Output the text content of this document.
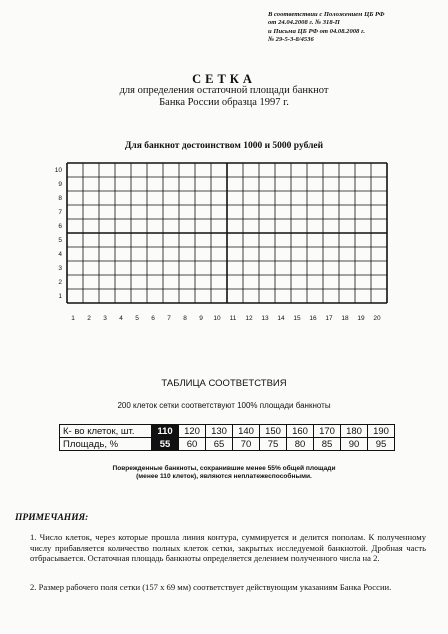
В соответствии с Положением ЦБ РФ
от 24.04.2008 г. № 318-П
и Письма ЦБ РФ от 04.08.2008 г.
№ 29-5-3-8/4536
СЕТКА
для определения остаточной площади банкнот
Банка России образца 1997 г.
Для банкнот достоинством 1000 и 5000 рублей
1 2 3 4 5 6 7 8 9 10 11 12 13 14 15 16 17 18 19 20
10
9
8
7
6
5
4
3
2
1
ТАБЛИЦА СООТВЕТСТВИЯ
200 клеток сетки соответствуют 100% площади банкноты
К- во клеток, шт.	110	120	130	140	150	160	170	180	190
Площадь, %	55	60	65	70	75	80	85	90	95
Поврежденные банкноты, сохранившие менее 55% общей площади
(менее 110 клеток), являются неплатежеспособными.
ПРИМЕЧАНИЯ:
1. Число клеток, через которые прошла линия контура, суммируется и делится пополам. К полученному числу прибавляется количество полных клеток сетки, закрытых исследуемой банкнотой. Дробная часть отбрасывается. Остаточная площадь банкноты определяется делением полученного числа на 2.
2. Размер рабочего поля сетки (157 х 69 мм) соответствует действующим указаниям Банка России.
